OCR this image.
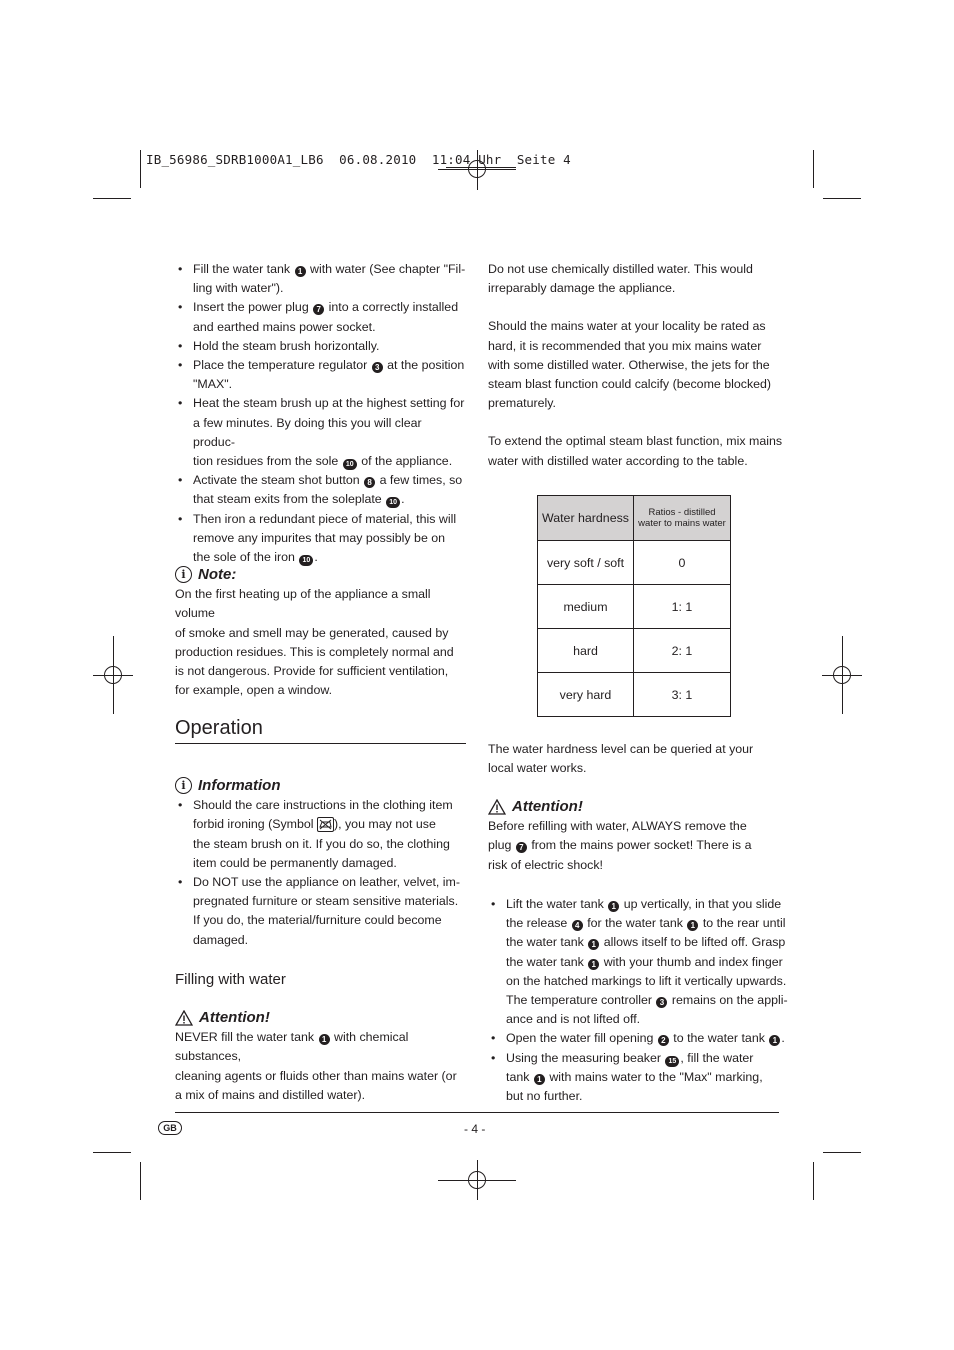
IB_56986_SDRB1000A1_LB6  06.08.2010  11:04 Uhr  Seite 4
• Fill the water tank 1 with water (See chapter "Fil-
ling with water").
• Insert the power plug 7 into a correctly installed
and earthed mains power socket.
• Hold the steam brush horizontally.
• Place the temperature regulator 3 at the position
"MAX".
• Heat the steam brush up at the highest setting for
a few minutes. By doing this you will clear produc-
tion residues from the sole 10 of the appliance.
• Activate the steam shot button 8 a few times, so
that steam exits from the soleplate 10 .
• Then iron a redundant piece of material, this will
remove any impurites that may possibly be on
the sole of the iron 10 .
i Note:

On the first heating up of the appliance a small volume
of smoke and smell may be generated, caused by
production residues. This is completely normal and
is not dangerous. Provide for sufficient ventilation,
for example, open a window.

Operation
i Information
• Should the care instructions in the clothing item
forbid ironing (Symbol ), you may not use
the steam brush on it. If you do so, the clothing
item could be permanently damaged.
• Do NOT use the appliance on leather, velvet, im-
pregnated furniture or steam sensitive materials.
If you do, the material/furniture could become
damaged.
Filling with water
Attention!

NEVER fill the water tank 1 with chemical substances,
cleaning agents or fluids other than mains water (or
a mix of mains and distilled water).

Do not use chemically distilled water. This would
irreparably damage the appliance.

Should the mains water at your locality be rated as
hard, it is recommended that you mix mains water
with some distilled water. Otherwise, the jets for the
steam blast function could calcify (become blocked)
prematurely.

To extend the optimal steam blast function, mix mains
water with distilled water according to the table.

Water hardness	Ratios - distilled
water to mains water

very soft / soft	0
medium	1: 1
hard	2: 1
very hard	3: 1

The water hardness level can be queried at your
local water works.

Attention!

Before refilling with water, ALWAYS remove the
plug 7 from the mains power socket! There is a
risk of electric shock!

• Lift the water tank 1 up vertically, in that you slide
the release 4 for the water tank 1 to the rear until
the water tank 1 allows itself to be lifted off. Grasp
the water tank 1 with your thumb and index finger
on the hatched markings to lift it vertically upwards.
The temperature controller 3 remains on the appli-
ance and is not lifted off.
• Open the water fill opening 2 to the water tank 1 .
• Using the measuring beaker 15 , fill the water
tank 1 with mains water to the "Max" marking,
but no further.
GB	- 4 -
